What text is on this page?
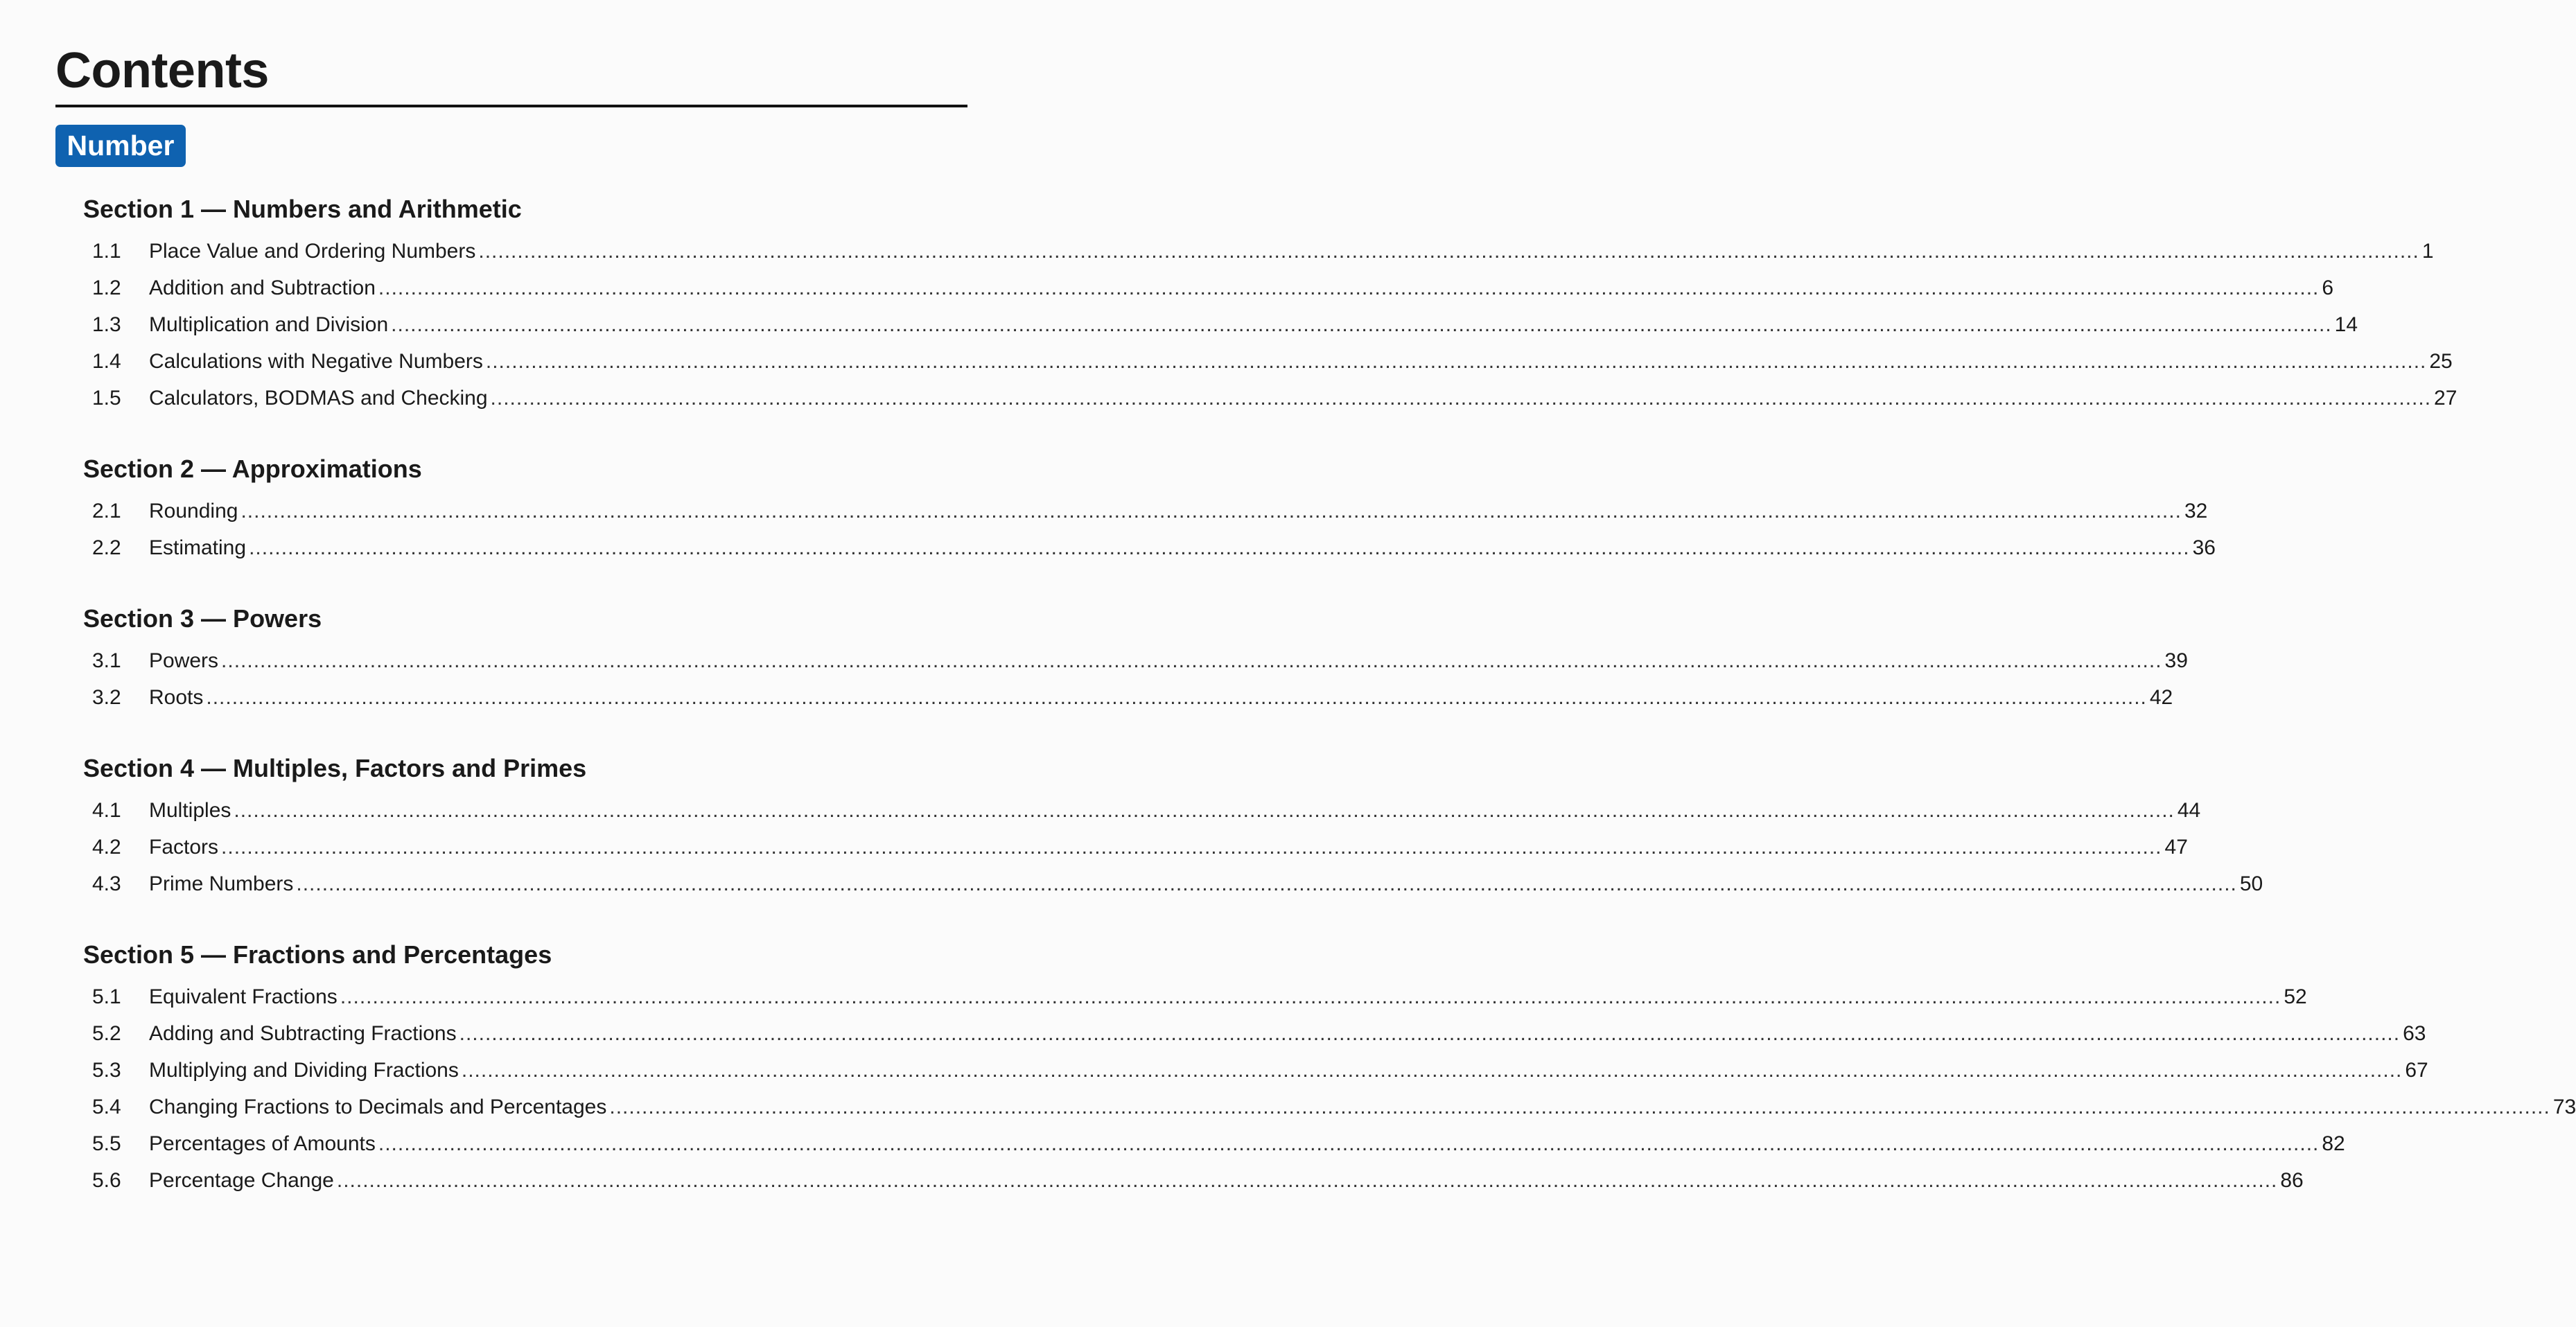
Contents
Number
Section 1 — Numbers and Arithmetic
1.1	Place Value and Ordering Numbers ............................................................................................................................................................................................................................................................................................................ 1
1.2	Addition and Subtraction ............................................................................................................................................................................................................................................................................................................ 6
1.3	Multiplication and Division ............................................................................................................................................................................................................................................................................................................ 14
1.4	Calculations with Negative Numbers ............................................................................................................................................................................................................................................................................................................ 25
1.5	Calculators, BODMAS and Checking ............................................................................................................................................................................................................................................................................................................ 27
Section 2 — Approximations
2.1	Rounding ............................................................................................................................................................................................................................................................................................................ 32
2.2	Estimating ............................................................................................................................................................................................................................................................................................................ 36
Section 3 — Powers
3.1	Powers ............................................................................................................................................................................................................................................................................................................ 39
3.2	Roots ............................................................................................................................................................................................................................................................................................................ 42
Section 4 — Multiples, Factors and Primes
4.1	Multiples ............................................................................................................................................................................................................................................................................................................ 44
4.2	Factors ............................................................................................................................................................................................................................................................................................................ 47
4.3	Prime Numbers ............................................................................................................................................................................................................................................................................................................ 50
Section 5 — Fractions and Percentages
5.1	Equivalent Fractions ............................................................................................................................................................................................................................................................................................................ 52
5.2	Adding and Subtracting Fractions ............................................................................................................................................................................................................................................................................................................ 63
5.3	Multiplying and Dividing Fractions ............................................................................................................................................................................................................................................................................................................ 67
5.4	Changing Fractions to Decimals and Percentages ............................................................................................................................................................................................................................................................................................................ 73
5.5	Percentages of Amounts ............................................................................................................................................................................................................................................................................................................ 82
5.6	Percentage Change ............................................................................................................................................................................................................................................................................................................ 86
